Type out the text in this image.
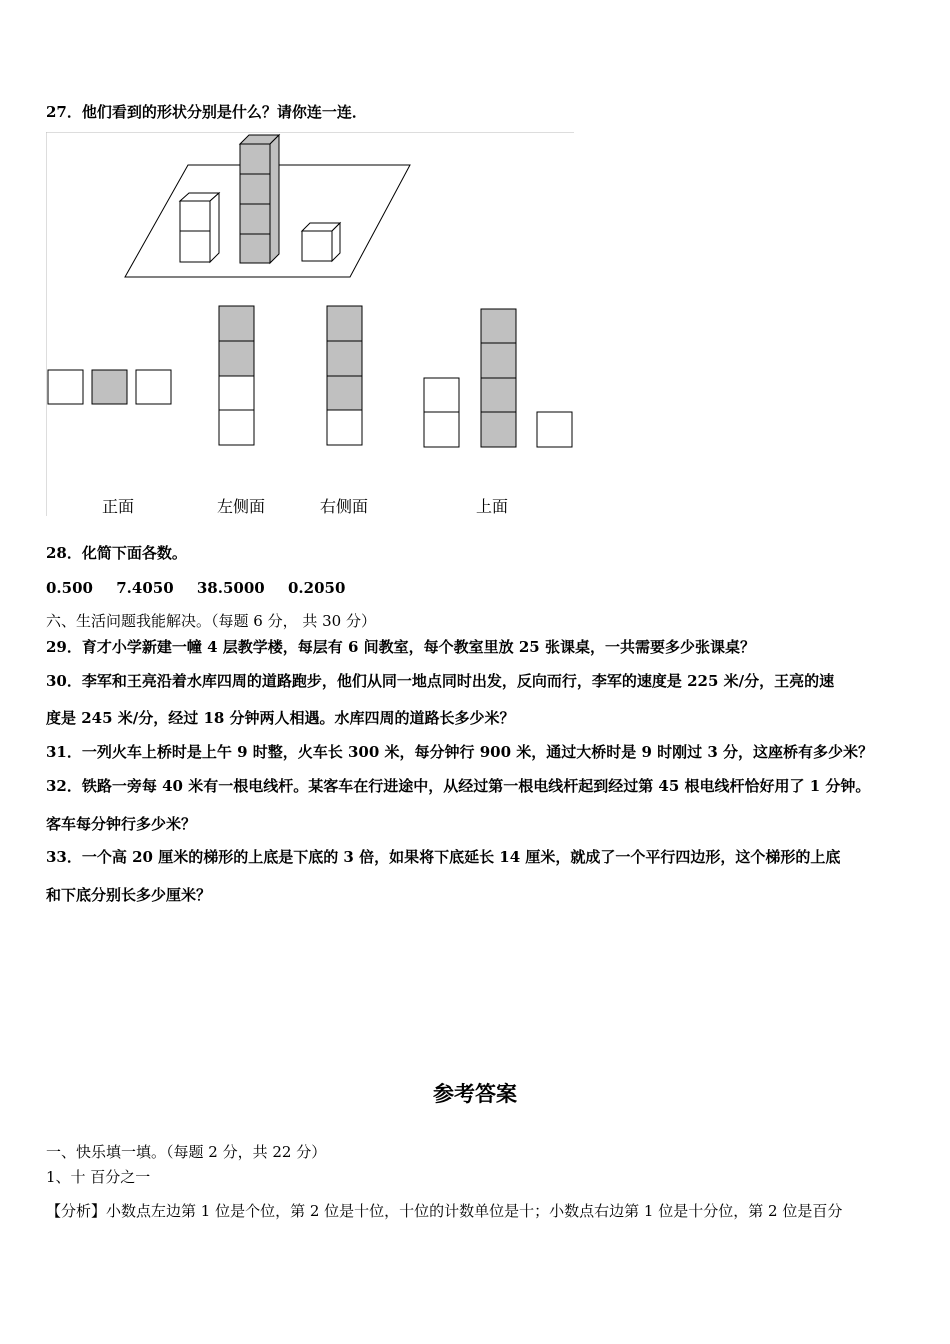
27．他们看到的形状分别是什么？请你连一连．
正面	左侧面	右侧面	上面
28．化简下面各数。
0.500 7.4050 38.5000 0.2050
六、生活问题我能解决。（每题 6 分， 共 30 分）
29．育才小学新建一幢 4 层教学楼，每层有 6 间教室，每个教室里放 25 张课桌，一共需要多少张课桌？
30．李军和王亮沿着水库四周的道路跑步，他们从同一地点同时出发，反向而行，李军的速度是 225 米/分，王亮的速
度是 245 米/分，经过 18 分钟两人相遇。水库四周的道路长多少米？
31．一列火车上桥时是上午 9 时整，火车长 300 米，每分钟行 900 米，通过大桥时是 9 时刚过 3 分，这座桥有多少米？
32．铁路一旁每 40 米有一根电线杆。某客车在行进途中，从经过第一根电线杆起到经过第 45 根电线杆恰好用了 1 分钟。
客车每分钟行多少米？
33．一个高 20 厘米的梯形的上底是下底的 3 倍，如果将下底延长 14 厘米，就成了一个平行四边形，这个梯形的上底
和下底分别长多少厘米？
参考答案
一、快乐填一填。（每题 2 分，共 22 分）
1、十 百分之一
【分析】小数点左边第 1 位是个位，第 2 位是十位，十位的计数单位是十；小数点右边第 1 位是十分位，第 2 位是百分
